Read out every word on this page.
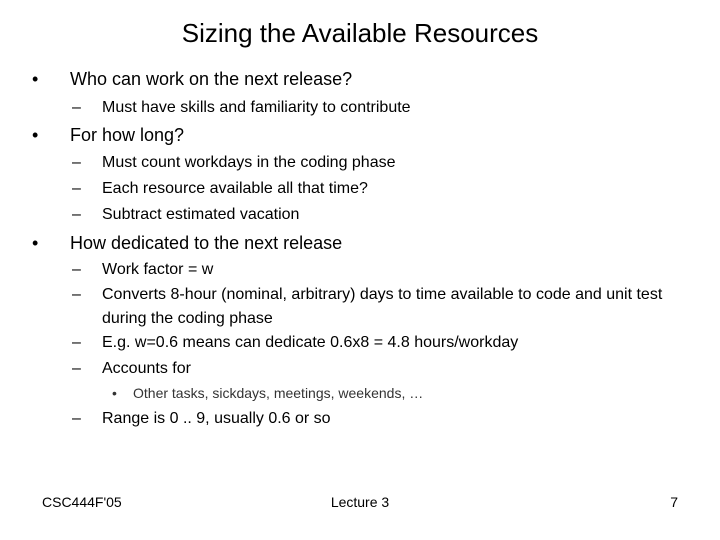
Sizing the Available Resources
• Who can work on the next release?
– Must have skills and familiarity to contribute
• For how long?
– Must count workdays in the coding phase
– Each resource available all that time?
– Subtract estimated vacation
• How dedicated to the next release
– Work factor = w
– Converts 8-hour (nominal, arbitrary) days to time available to code and unit test during the coding phase
– E.g. w=0.6 means can dedicate 0.6x8 = 4.8 hours/workday
– Accounts for
• Other tasks, sickdays, meetings, weekends, …
– Range is 0 .. 9, usually 0.6 or so
CSC444F'05	Lecture 3	7
